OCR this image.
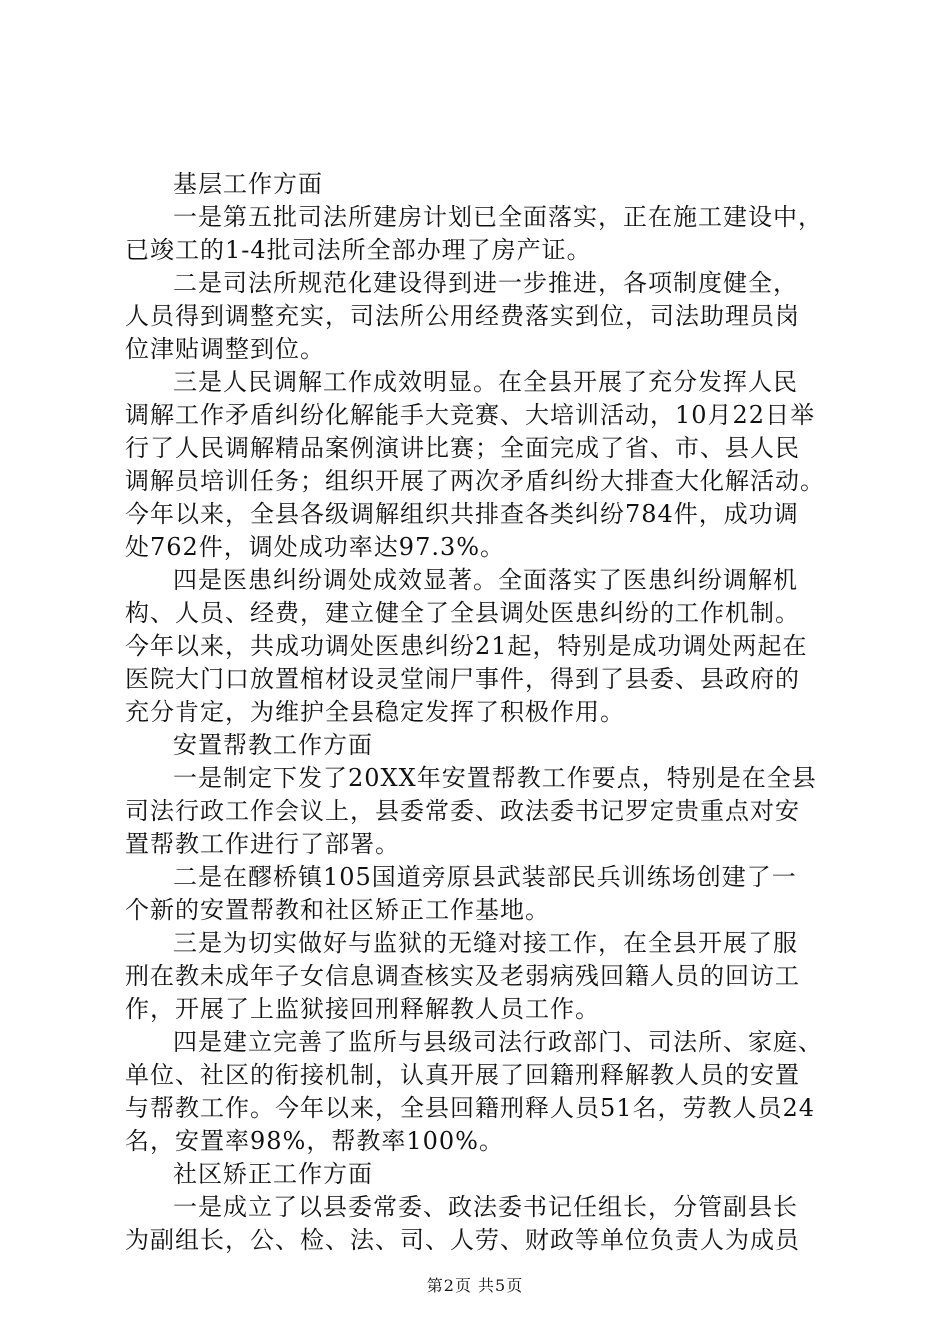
基层工作方面
一是第五批司法所建房计划已全面落实，正在施工建设中，
已竣工的1-4批司法所全部办理了房产证。
二是司法所规范化建设得到进一步推进，各项制度健全，
人员得到调整充实，司法所公用经费落实到位，司法助理员岗
位津贴调整到位。
三是人民调解工作成效明显。在全县开展了充分发挥人民
调解工作矛盾纠纷化解能手大竞赛、大培训活动，10月22日举
行了人民调解精品案例演讲比赛；全面完成了省、市、县人民
调解员培训任务；组织开展了两次矛盾纠纷大排查大化解活动。
今年以来，全县各级调解组织共排查各类纠纷784件，成功调
处762件，调处成功率达97.3%。
四是医患纠纷调处成效显著。全面落实了医患纠纷调解机
构、人员、经费，建立健全了全县调处医患纠纷的工作机制。
今年以来，共成功调处医患纠纷21起，特别是成功调处两起在
医院大门口放置棺材设灵堂闹尸事件，得到了县委、县政府的
充分肯定，为维护全县稳定发挥了积极作用。
安置帮教工作方面
一是制定下发了20XX年安置帮教工作要点，特别是在全县
司法行政工作会议上，县委常委、政法委书记罗定贵重点对安
置帮教工作进行了部署。
二是在醪桥镇105国道旁原县武装部民兵训练场创建了一
个新的安置帮教和社区矫正工作基地。
三是为切实做好与监狱的无缝对接工作，在全县开展了服
刑在教未成年子女信息调查核实及老弱病残回籍人员的回访工
作，开展了上监狱接回刑释解教人员工作。
四是建立完善了监所与县级司法行政部门、司法所、家庭、
单位、社区的衔接机制，认真开展了回籍刑释解教人员的安置
与帮教工作。今年以来，全县回籍刑释人员51名，劳教人员24
名，安置率98%，帮教率100%。
社区矫正工作方面
一是成立了以县委常委、政法委书记任组长，分管副县长
为副组长，公、检、法、司、人劳、财政等单位负责人为成员
第2页 共5页
